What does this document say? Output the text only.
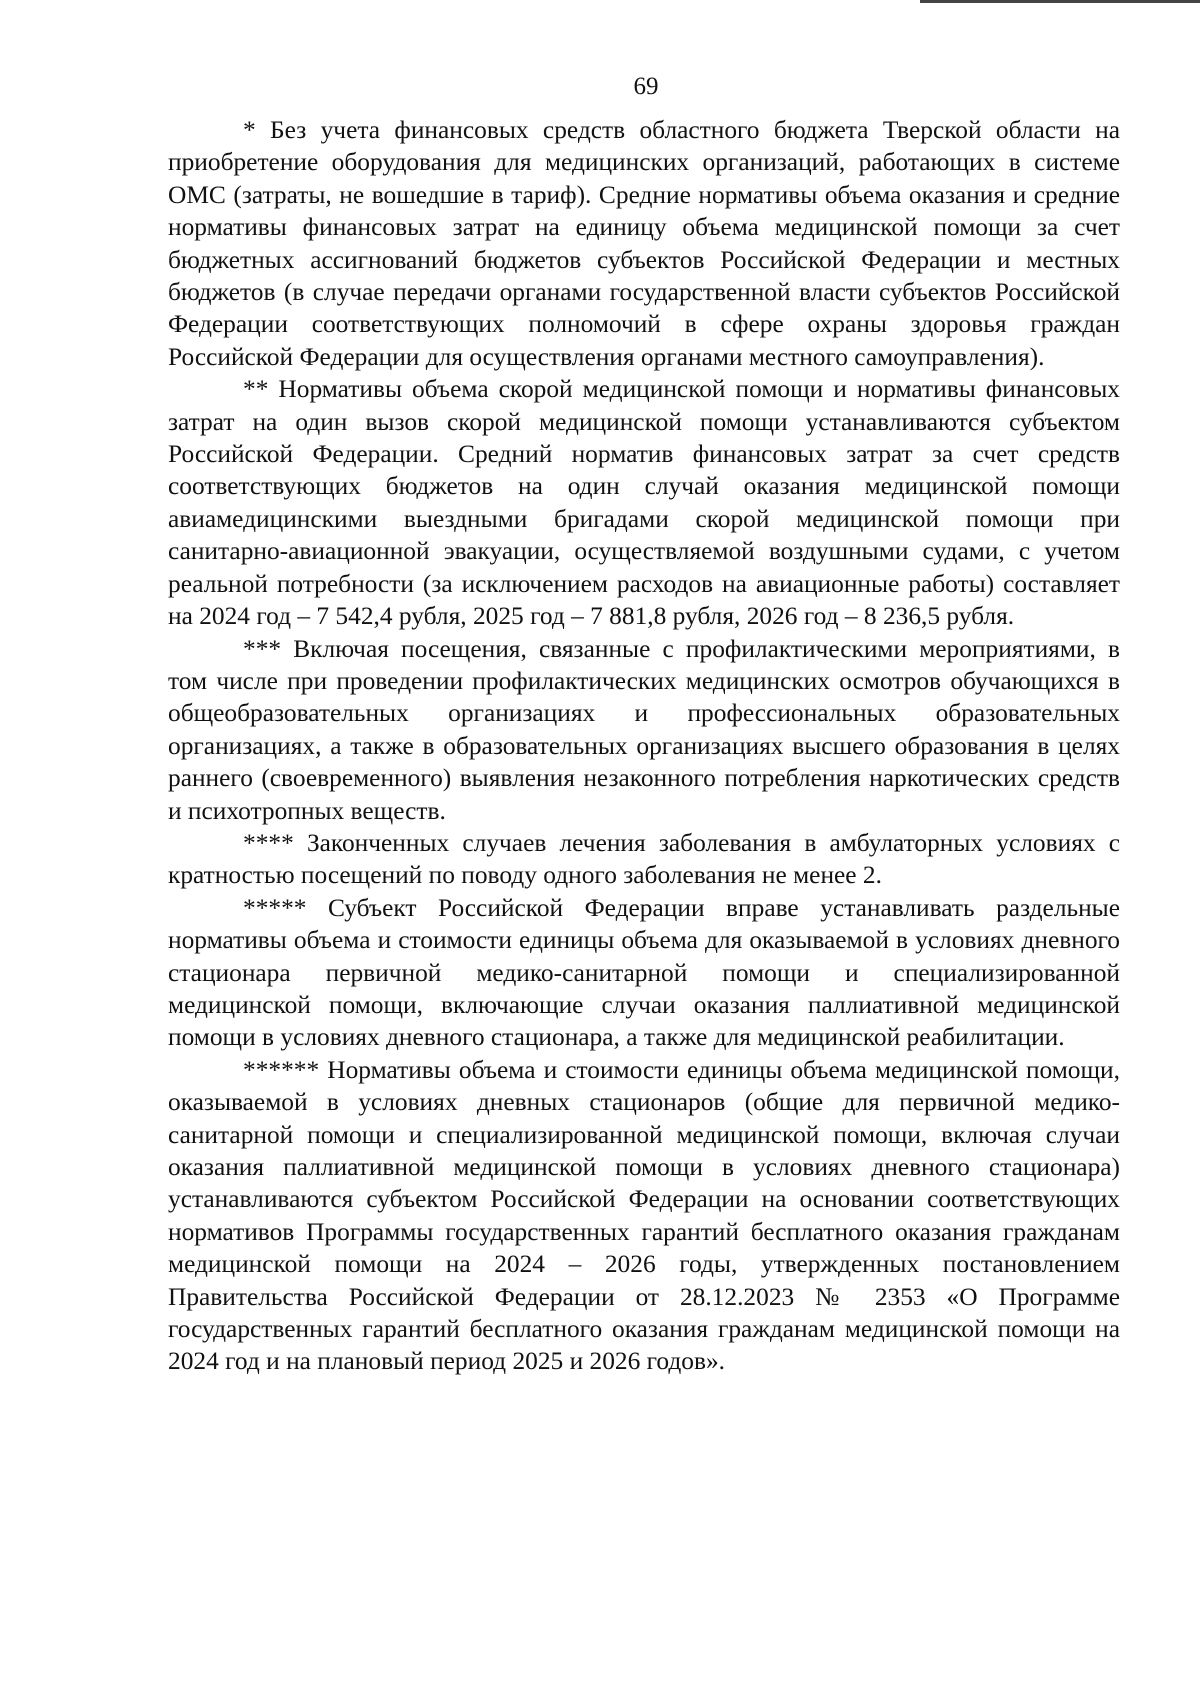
69

* Без учета финансовых средств областного бюджета Тверской области на приобретение оборудования для медицинских организаций, работающих в системе ОМС (затраты, не вошедшие в тариф). Средние нормативы объема оказания и средние нормативы финансовых затрат на единицу объема медицинской помощи за счет бюджетных ассигнований бюджетов субъектов Российской Федерации и местных бюджетов (в случае передачи органами государственной власти субъектов Российской Федерации соответствующих полномочий в сфере охраны здоровья граждан Российской Федерации для осуществления органами местного самоуправления).

** Нормативы объема скорой медицинской помощи и нормативы финансовых затрат на один вызов скорой медицинской помощи устанавливаются субъектом Российской Федерации. Средний норматив финансовых затрат за счет средств соответствующих бюджетов на один случай оказания медицинской помощи авиамедицинскими выездными бригадами скорой медицинской помощи при санитарно-авиационной эвакуации, осуществляемой воздушными судами, с учетом реальной потребности (за исключением расходов на авиационные работы) составляет на 2024 год – 7 542,4 рубля, 2025 год – 7 881,8 рубля, 2026 год – 8 236,5 рубля.

*** Включая посещения, связанные с профилактическими мероприятиями, в том числе при проведении профилактических медицинских осмотров обучающихся в общеобразовательных организациях и профессиональных образовательных организациях, а также в образовательных организациях высшего образования в целях раннего (своевременного) выявления незаконного потребления наркотических средств и психотропных веществ.

**** Законченных случаев лечения заболевания в амбулаторных условиях с кратностью посещений по поводу одного заболевания не менее 2.

***** Субъект Российской Федерации вправе устанавливать раздельные нормативы объема и стоимости единицы объема для оказываемой в условиях дневного стационара первичной медико-санитарной помощи и специализированной медицинской помощи, включающие случаи оказания паллиативной медицинской помощи в условиях дневного стационара, а также для медицинской реабилитации.

****** Нормативы объема и стоимости единицы объема медицинской помощи, оказываемой в условиях дневных стационаров (общие для первичной медико-санитарной помощи и специализированной медицинской помощи, включая случаи оказания паллиативной медицинской помощи в условиях дневного стационара) устанавливаются субъектом Российской Федерации на основании соответствующих нормативов Программы государственных гарантий бесплатного оказания гражданам медицинской помощи на 2024 – 2026 годы, утвержденных постановлением Правительства Российской Федерации от 28.12.2023 № 2353 «О Программе государственных гарантий бесплатного оказания гражданам медицинской помощи на 2024 год и на плановый период 2025 и 2026 годов».
